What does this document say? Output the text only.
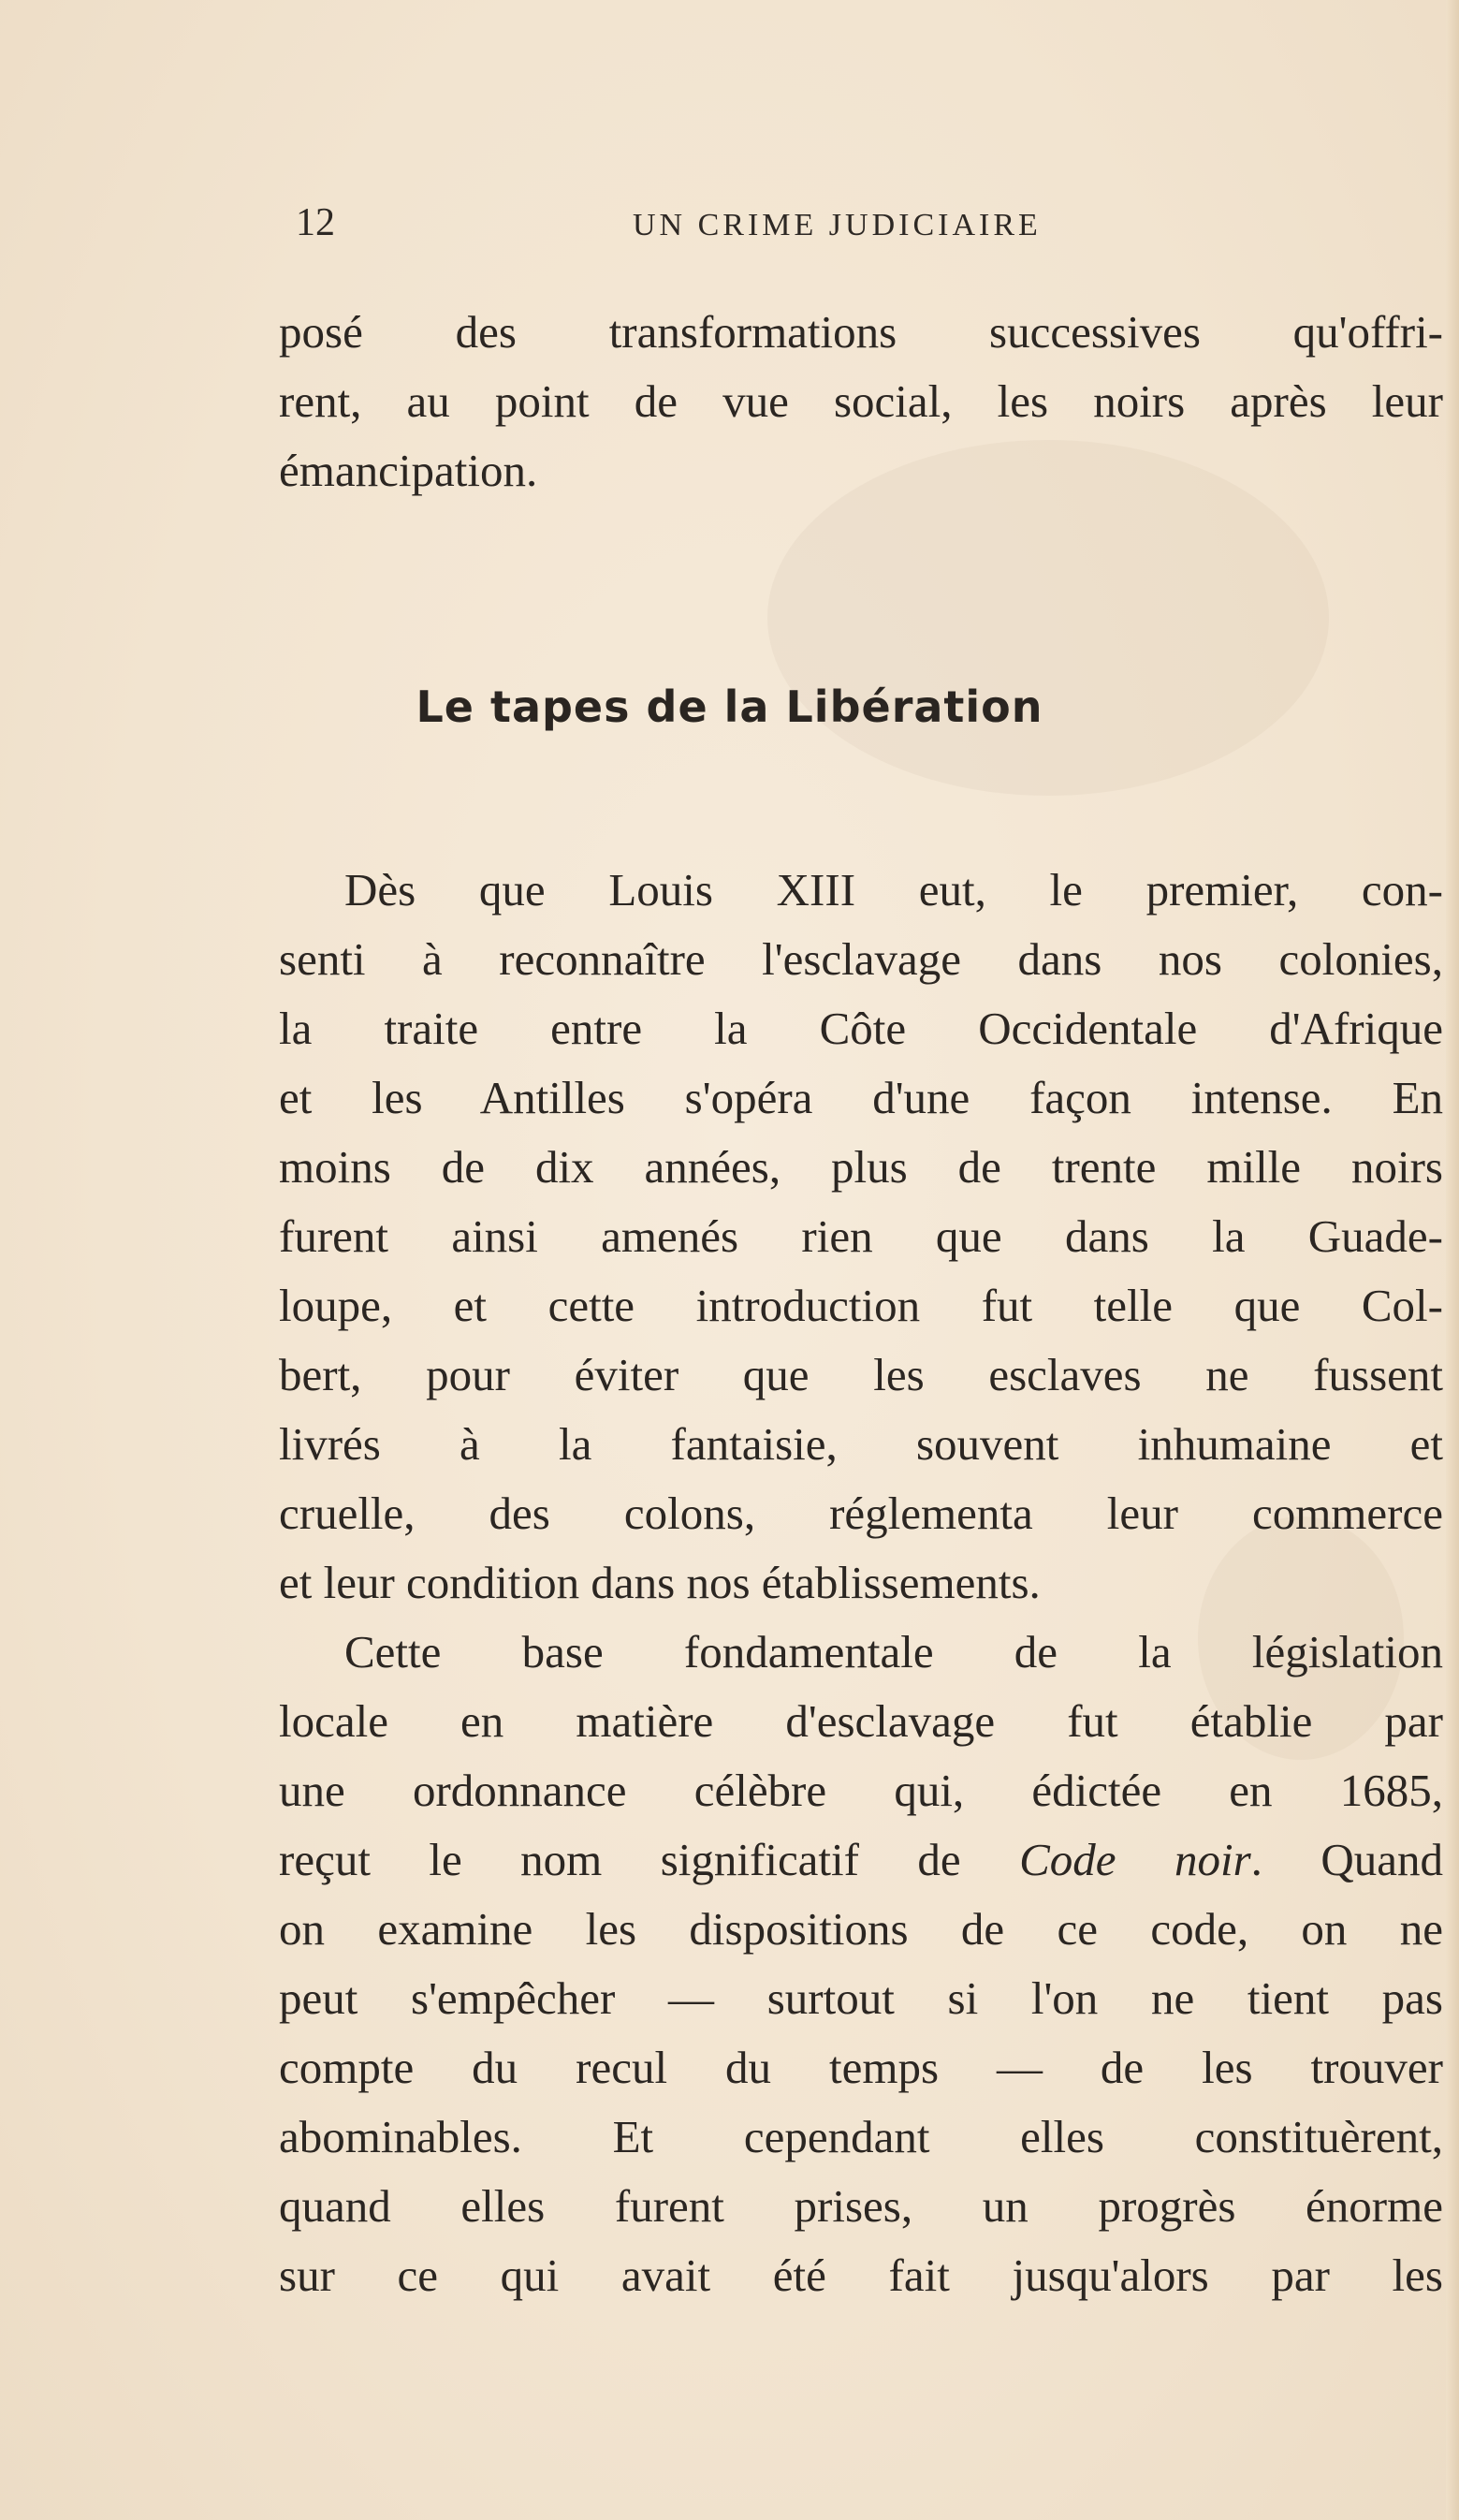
12	UN CRIME JUDICIAIRE
posé des transformations successives qu'offri-
rent, au point de vue social, les noirs après leur
émancipation.
Le tapes de la Libération
Dès que Louis XIII eut, le premier, con-
senti à reconnaître l'esclavage dans nos colonies,
la traite entre la Côte Occidentale d'Afrique
et les Antilles s'opéra d'une façon intense. En
moins de dix années, plus de trente mille noirs
furent ainsi amenés rien que dans la Guade-
loupe, et cette introduction fut telle que Col-
bert, pour éviter que les esclaves ne fussent
livrés à la fantaisie, souvent inhumaine et
cruelle, des colons, réglementa leur commerce
et leur condition dans nos établissements.
Cette base fondamentale de la législation
locale en matière d'esclavage fut établie par
une ordonnance célèbre qui, édictée en 1685,
reçut le nom significatif de Code noir. Quand
on examine les dispositions de ce code, on ne
peut s'empêcher — surtout si l'on ne tient pas
compte du recul du temps — de les trouver
abominables. Et cependant elles constituèrent,
quand elles furent prises, un progrès énorme
sur ce qui avait été fait jusqu'alors par les
